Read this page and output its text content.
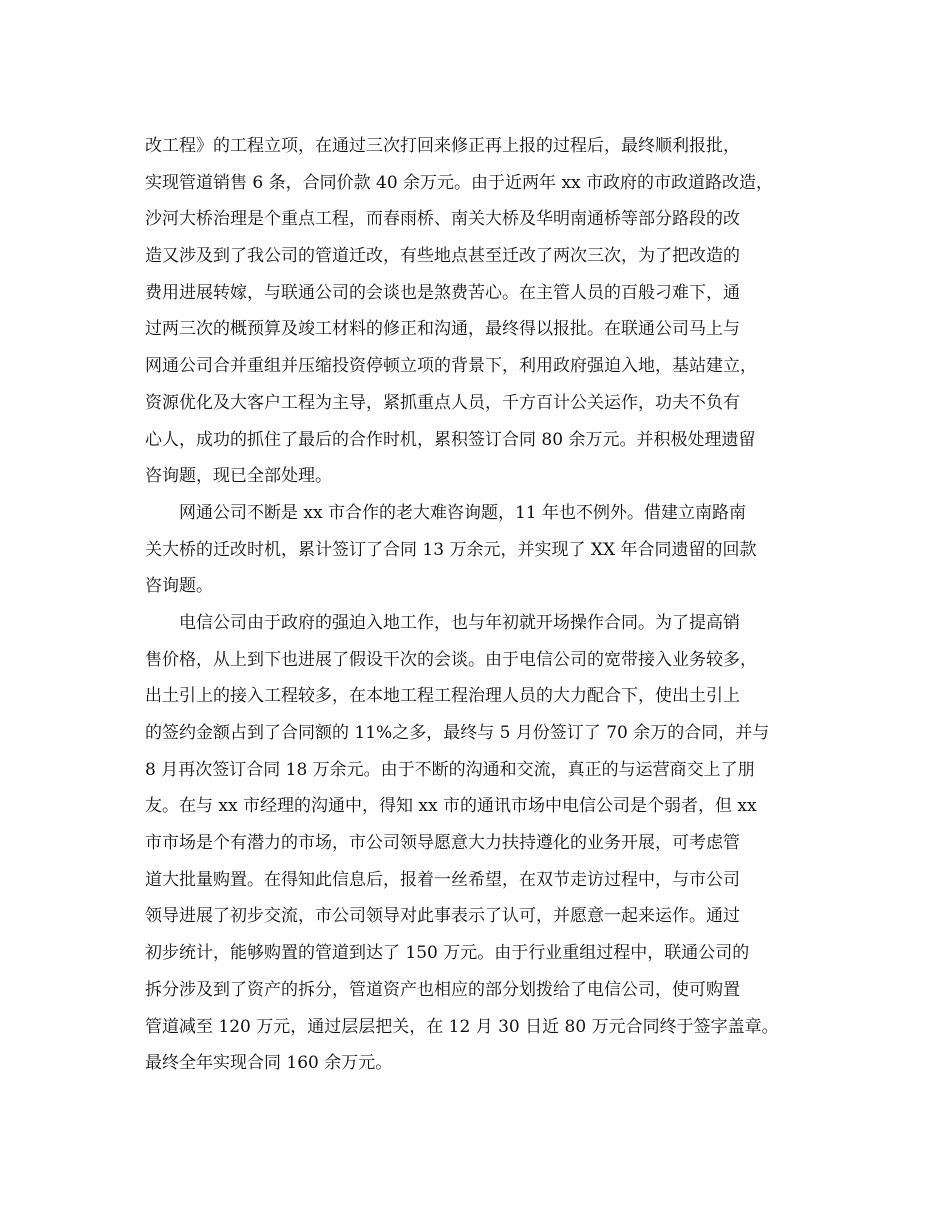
改工程》的工程立项，在通过三次打回来修正再上报的过程后，最终顺利报批，
实现管道销售 6 条，合同价款 40 余万元。由于近两年 xx 市政府的市政道路改造，
沙河大桥治理是个重点工程，而春雨桥、南关大桥及华明南通桥等部分路段的改
造又涉及到了我公司的管道迁改，有些地点甚至迁改了两次三次，为了把改造的
费用进展转嫁，与联通公司的会谈也是煞费苦心。在主管人员的百般刁难下，通
过两三次的概预算及竣工材料的修正和沟通，最终得以报批。在联通公司马上与
网通公司合并重组并压缩投资停顿立项的背景下，利用政府强迫入地，基站建立，
资源优化及大客户工程为主导，紧抓重点人员，千方百计公关运作，功夫不负有
心人，成功的抓住了最后的合作时机，累积签订合同 80 余万元。并积极处理遗留
咨询题，现已全部处理。
网通公司不断是 xx 市合作的老大难咨询题，11 年也不例外。借建立南路南
关大桥的迁改时机，累计签订了合同 13 万余元，并实现了 XX 年合同遗留的回款
咨询题。
电信公司由于政府的强迫入地工作，也与年初就开场操作合同。为了提高销
售价格，从上到下也进展了假设干次的会谈。由于电信公司的宽带接入业务较多，
出土引上的接入工程较多，在本地工程工程治理人员的大力配合下，使出土引上
的签约金额占到了合同额的 11%之多，最终与 5 月份签订了 70 余万的合同，并与
8 月再次签订合同 18 万余元。由于不断的沟通和交流，真正的与运营商交上了朋
友。在与 xx 市经理的沟通中，得知 xx 市的通讯市场中电信公司是个弱者，但 xx
市市场是个有潜力的市场，市公司领导愿意大力扶持遵化的业务开展，可考虑管
道大批量购置。在得知此信息后，报着一丝希望，在双节走访过程中，与市公司
领导进展了初步交流，市公司领导对此事表示了认可，并愿意一起来运作。通过
初步统计，能够购置的管道到达了 150 万元。由于行业重组过程中，联通公司的
拆分涉及到了资产的拆分，管道资产也相应的部分划拨给了电信公司，使可购置
管道减至 120 万元，通过层层把关，在 12 月 30 日近 80 万元合同终于签字盖章。
最终全年实现合同 160 余万元。
